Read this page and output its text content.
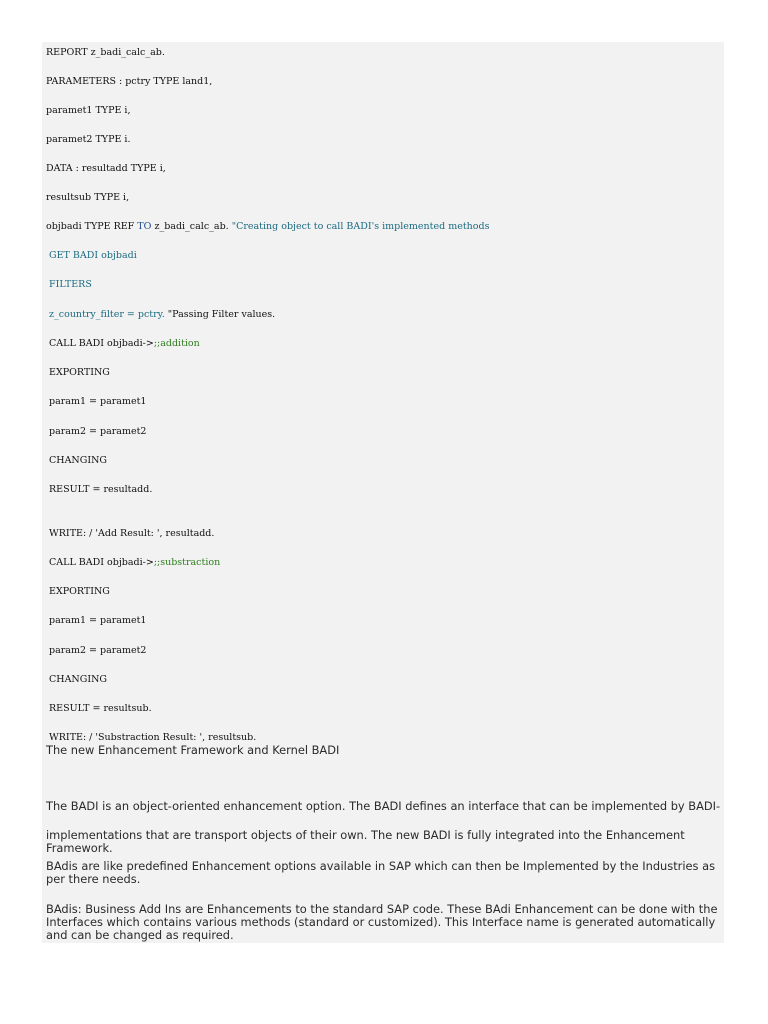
REPORT z_badi_calc_ab.
PARAMETERS : pctry TYPE land1,
paramet1 TYPE i,
paramet2 TYPE i.
DATA : resultadd TYPE i,
resultsub TYPE i,
objbadi TYPE REF TO z_badi_calc_ab. "Creating object to call BADI's implemented methods
GET BADI objbadi
FILTERS
z_country_filter = pctry. "Passing Filter values.
CALL BADI objbadi->;;addition
EXPORTING
param1 = paramet1
param2 = paramet2
CHANGING
RESULT = resultadd.
WRITE: / 'Add Result: ', resultadd.
CALL BADI objbadi->;;substraction
EXPORTING
param1 = paramet1
param2 = paramet2
CHANGING
RESULT = resultsub.
WRITE: / 'Substraction Result: ', resultsub.
The new Enhancement Framework and Kernel BADI
The BADI is an object-oriented enhancement option. The BADI defines an interface that can be implemented by BADI-
implementations that are transport objects of their own. The new BADI is fully integrated into the Enhancement Framework.
BAdis are like predefined Enhancement options available in SAP which can then be Implemented by the Industries as per there needs.
BAdis: Business Add Ins are Enhancements to the standard SAP code. These BAdi Enhancement can be done with the Interfaces which contains various methods (standard or customized). This Interface name is generated automatically and can be changed as required.
